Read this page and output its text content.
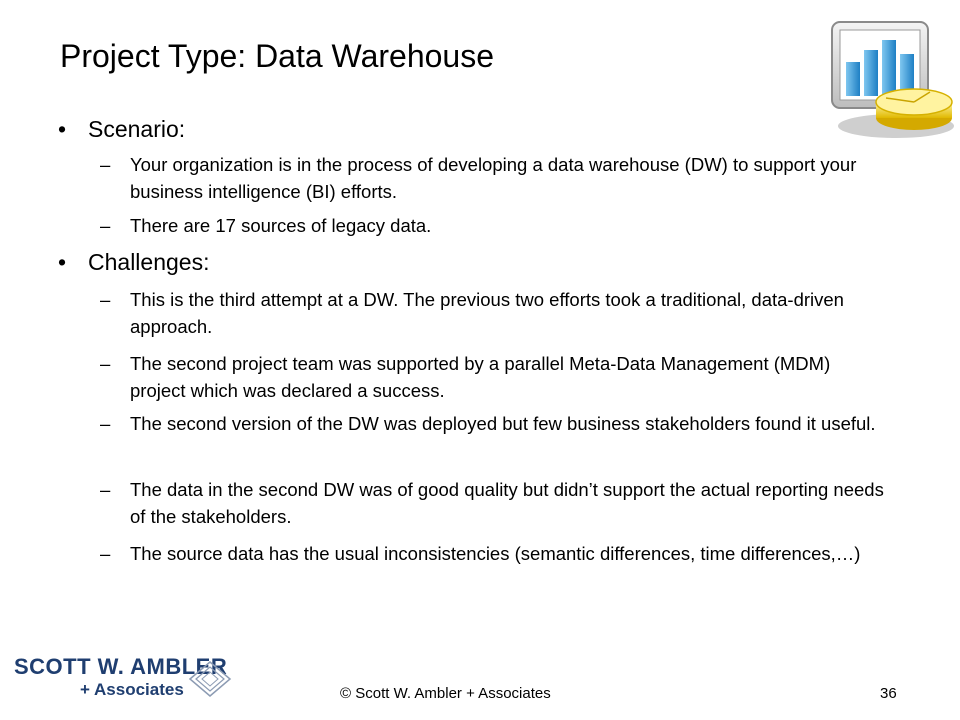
Project Type: Data Warehouse
• Scenario:
– Your organization is in the process of developing a data warehouse (DW) to support your business intelligence (BI) efforts.
– There are 17 sources of legacy data.
• Challenges:
– This is the third attempt at a DW. The previous two efforts took a traditional, data-driven approach.
– The second project team was supported by a parallel Meta-Data Management (MDM) project which was declared a success.
– The second version of the DW was deployed but few business stakeholders found it useful.
– The data in the second DW was of good quality but didn’t support the actual reporting needs of the stakeholders.
– The source data has the usual inconsistencies (semantic differences, time differences,…)
SCOTT W. AMBLER
+ Associates	© Scott W. Ambler + Associates	36
